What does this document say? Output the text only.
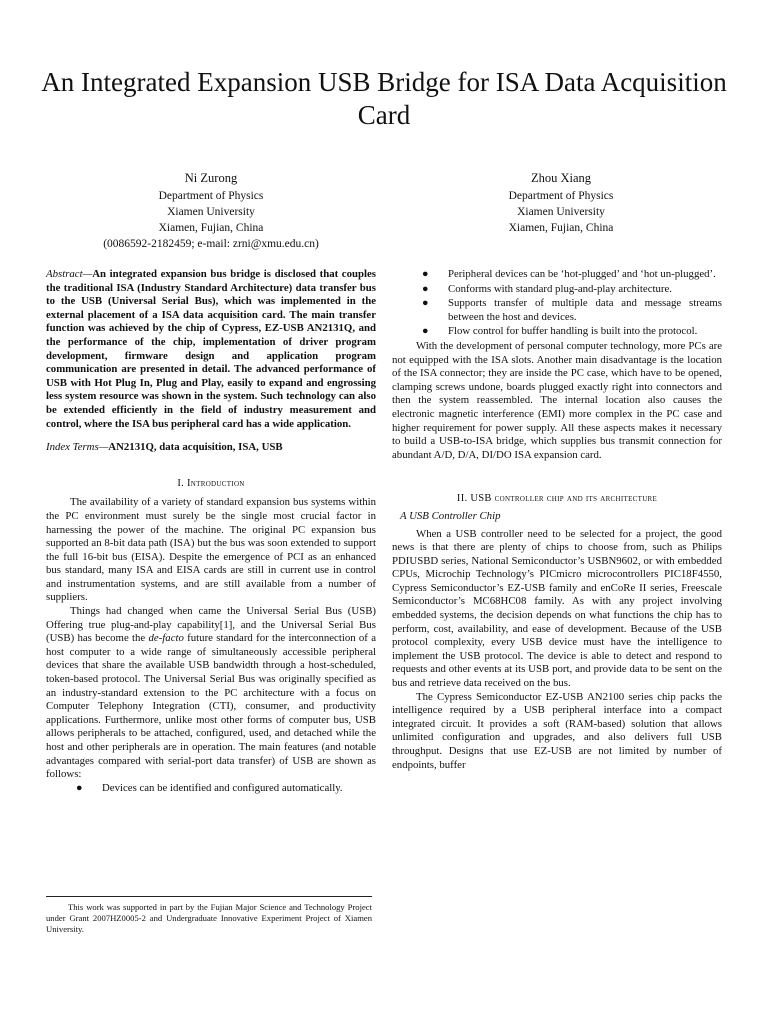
An Integrated Expansion USB Bridge for ISA Data Acquisition Card
Ni Zurong
Department of Physics
Xiamen University
Xiamen, Fujian, China
(0086592-2182459; e-mail: zrni@xmu.edu.cn)
Zhou Xiang
Department of Physics
Xiamen University
Xiamen, Fujian, China

Abstract—An integrated expansion bus bridge is disclosed that couples the traditional ISA (Industry Standard Architecture) data transfer bus to the USB (Universal Serial Bus), which was implemented in the external placement of a ISA data acquisition card. The main transfer function was achieved by the chip of Cypress, EZ-USB AN2131Q, and the performance of the chip, implementation of driver program development, firmware design and application program communication are presented in detail. The advanced performance of USB with Hot Plug In, Plug and Play, easily to expand and engrossing less system resource was shown in the system. Such technology can also be extended efficiently in the field of industry measurement and control, where the ISA bus peripheral card has a wide application.

Index Terms—AN2131Q, data acquisition, ISA, USB

I. Introduction

The availability of a variety of standard expansion bus systems within the PC environment must surely be the single most crucial factor in harnessing the power of the machine. The original PC expansion bus supported an 8-bit data path (ISA) but the bus was soon extended to support the full 16-bit bus (EISA). Despite the emergence of PCI as an enhanced bus standard, many ISA and EISA cards are still in current use in control and instrumentation systems, and are still available from a number of suppliers.

Things had changed when came the Universal Serial Bus (USB) Offering true plug-and-play capability[1], and the Universal Serial Bus (USB) has become the de-facto future standard for the interconnection of a host computer to a wide range of simultaneously accessible peripheral devices that share the available USB bandwidth through a host-scheduled, token-based protocol. The Universal Serial Bus was originally specified as an industry-standard extension to the PC architecture with a focus on Computer Telephony Integration (CTI), consumer, and productivity applications. Furthermore, unlike most other forms of computer bus, USB allows peripherals to be attached, configured, used, and detached while the host and other peripherals are in operation. The main features (and notable advantages compared with serial-port data transfer) of USB are shown as follows:

● Devices can be identified and configured automatically.
● Peripheral devices can be ‘hot-plugged’ and ‘hot un-plugged’.
● Conforms with standard plug-and-play architecture.
● Supports transfer of multiple data and message streams between the host and devices.
● Flow control for buffer handling is built into the protocol.

With the development of personal computer technology, more PCs are not equipped with the ISA slots. Another main disadvantage is the location of the ISA connector; they are inside the PC case, which have to be opened, clamping screws undone, boards plugged exactly right into connectors and then the system reassembled. The internal location also causes the electronic magnetic interference (EMI) more complex in the PC case and higher requirement for power supply. All these aspects makes it necessary to build a USB-to-ISA bridge, which supplies bus transmit connection for abundant A/D, D/A, DI/DO ISA expansion card.

II. USB controller chip and its architecture
A USB Controller Chip

When a USB controller need to be selected for a project, the good news is that there are plenty of chips to choose from, such as Philips PDIUSBD series, National Semiconductor’s USBN9602, or with embedded CPUs, Microchip Technology’s PICmicro microcontrollers PIC18F4550, Cypress Semiconductor’s EZ-USB family and enCoRe II series, Freescale Semiconductor’s MC68HC08 family. As with any project involving embedded systems, the decision depends on what functions the chip has to perform, cost, availability, and ease of development. Because of the USB protocol complexity, every USB device must have the intelligence to implement the USB protocol. The device is able to detect and respond to requests and other events at its USB port, and provide data to be sent on the bus and retrieve data received on the bus.

The Cypress Semiconductor EZ-USB AN2100 series chip packs the intelligence required by a USB peripheral interface into a compact integrated circuit. It provides a soft (RAM-based) solution that allows unlimited configuration and upgrades, and also delivers full USB throughput. Designs that use EZ-USB are not limited by number of endpoints, buffer

This work was supported in part by the Fujian Major Science and Technology Project under Grant 2007HZ0005-2 and Undergraduate Innovative Experiment Project of Xiamen University.
